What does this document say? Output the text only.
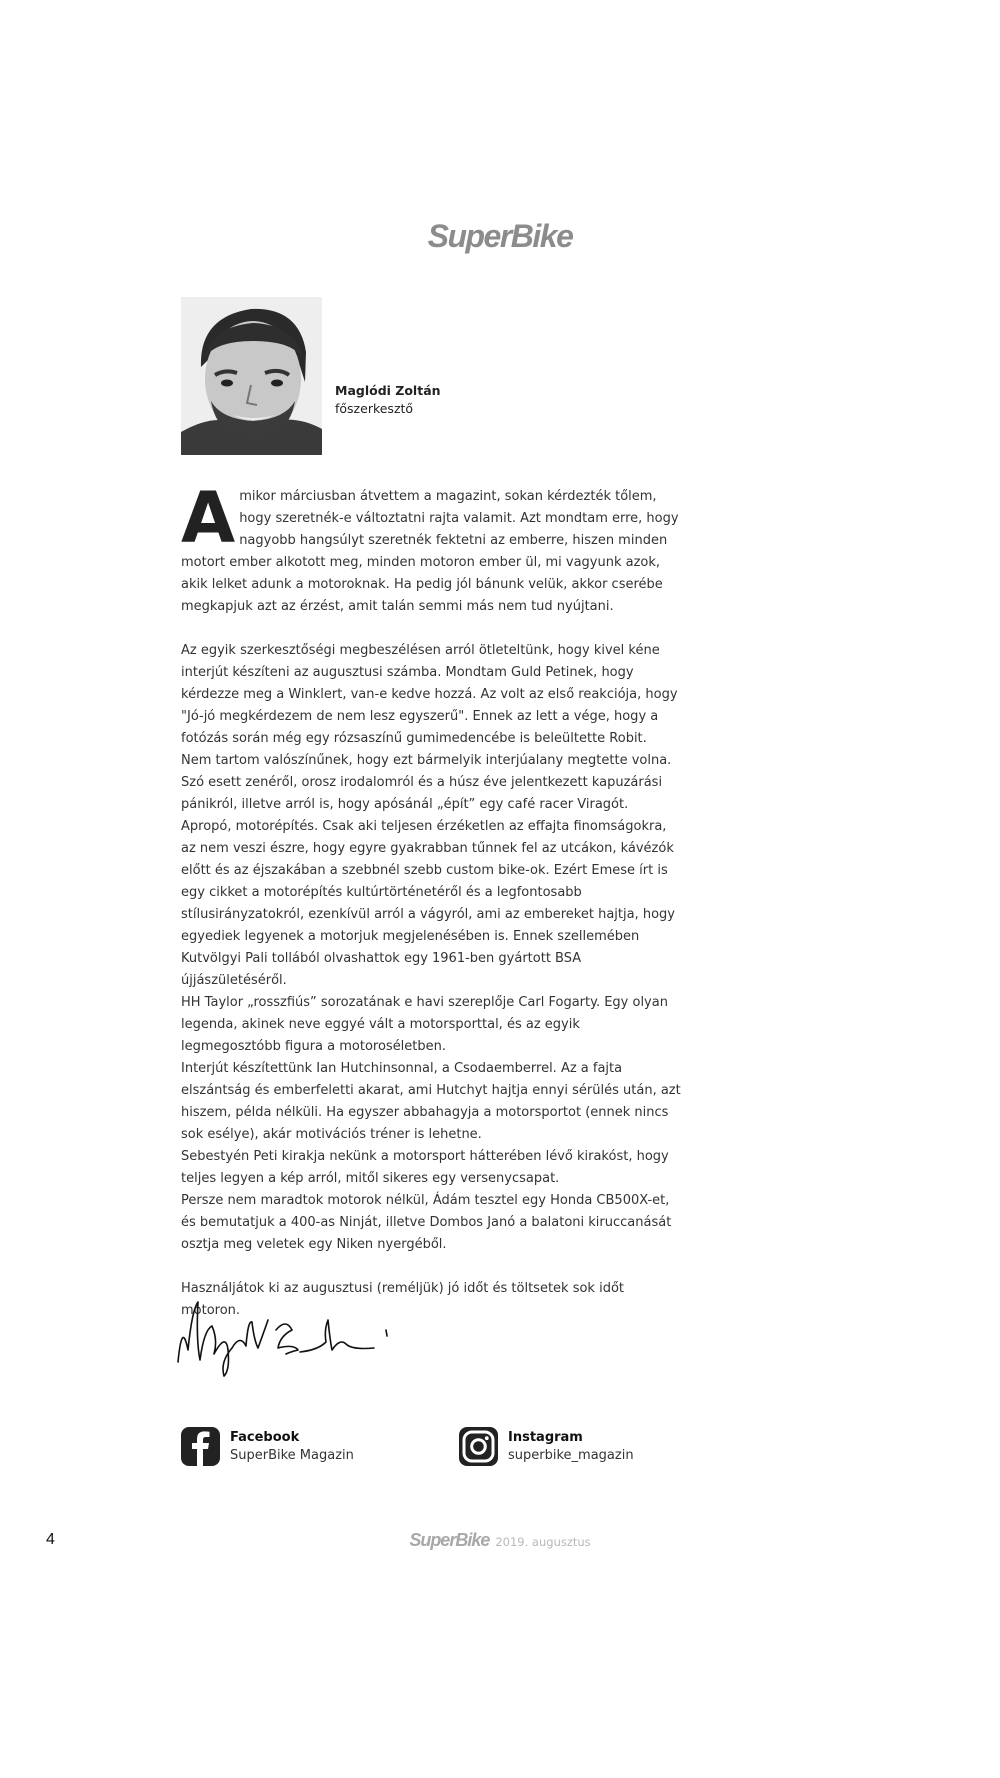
SuperBike
Maglódi Zoltán
főszerkesztő

Amikor márciusban átvettem a magazint, sokan kérdezték tőlem, hogy szeretnék-e változtatni rajta valamit. Azt mondtam erre, hogy nagyobb hangsúlyt szeretnék fektetni az emberre, hiszen minden motort ember alkotott meg, minden motoron ember ül, mi vagyunk azok, akik lelket adunk a motoroknak. Ha pedig jól bánunk velük, akkor cserébe megkapjuk azt az érzést, amit talán semmi más nem tud nyújtani.

Az egyik szerkesztőségi megbeszélésen arról ötleteltünk, hogy kivel kéne interjút készíteni az augusztusi számba. Mondtam Guld Petinek, hogy kérdezze meg a Winklert, van-e kedve hozzá. Az volt az első reakciója, hogy "Jó-jó megkérdezem de nem lesz egyszerű". Ennek az lett a vége, hogy a fotózás során még egy rózsaszínű gumimedencébe is beleültette Robit. Nem tartom valószínűnek, hogy ezt bármelyik interjúalany megtette volna. Szó esett zenéről, orosz irodalomról és a húsz éve jelentkezett kapuzárási pánikról, illetve arról is, hogy apósánál „épít” egy café racer Viragót.

Apropó, motorépítés. Csak aki teljesen érzéketlen az effajta finomságokra, az nem veszi észre, hogy egyre gyakrabban tűnnek fel az utcákon, kávézók előtt és az éjszakában a szebbnél szebb custom bike-ok. Ezért Emese írt is egy cikket a motorépítés kultúrtörténetéről és a legfontosabb stílusirányzatokról, ezenkívül arról a vágyról, ami az embereket hajtja, hogy egyediek legyenek a motorjuk megjelenésében is. Ennek szellemében Kutvölgyi Pali tollából olvashattok egy 1961-ben gyártott BSA újjászületéséről.

HH Taylor „rosszfiús” sorozatának e havi szereplője Carl Fogarty. Egy olyan legenda, akinek neve eggyé vált a motorsporttal, és az egyik legmegosztóbb figura a motoroséletben.

Interjút készítettünk Ian Hutchinsonnal, a Csodaemberrel. Az a fajta elszántság és emberfeletti akarat, ami Hutchyt hajtja ennyi sérülés után, azt hiszem, példa nélküli. Ha egyszer abbahagyja a motorsportot (ennek nincs sok esélye), akár motivációs tréner is lehetne.

Sebestyén Peti kirakja nekünk a motorsport hátterében lévő kirakóst, hogy teljes legyen a kép arról, mitől sikeres egy versenycsapat.

Persze nem maradtok motorok nélkül, Ádám tesztel egy Honda CB500X-et, és bemutatjuk a 400-as Ninját, illetve Dombos Janó a balatoni kiruccanását osztja meg veletek egy Niken nyergéből.

Használjátok ki az augusztusi (reméljük) jó időt és töltsetek sok időt motoron.

Facebook
SuperBike Magazin
Instagram
superbike_magazin
4	SuperBike 2019. augusztus
